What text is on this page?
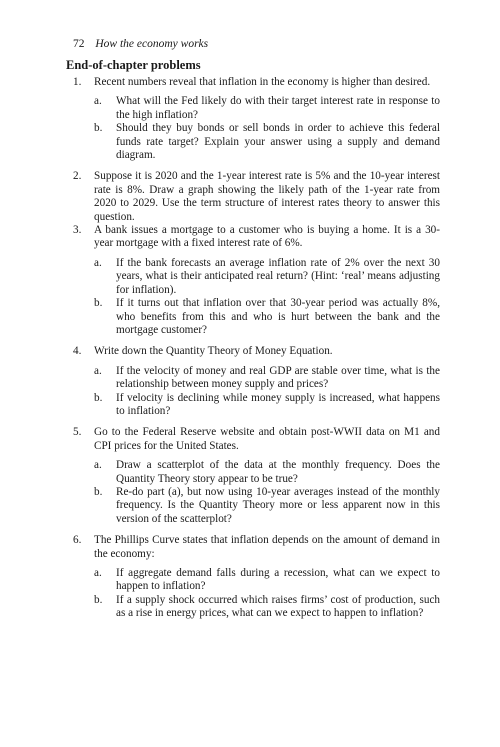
72 How the economy works
End-of-chapter problems
1.	Recent numbers reveal that inflation in the economy is higher than desired.
a.	What will the Fed likely do with their target interest rate in response to the high inflation?
b.	Should they buy bonds or sell bonds in order to achieve this federal funds rate target? Explain your answer using a supply and demand diagram.
2.	Suppose it is 2020 and the 1-year interest rate is 5% and the 10-year interest rate is 8%. Draw a graph showing the likely path of the 1-year rate from 2020 to 2029. Use the term structure of interest rates theory to answer this question.
3.	A bank issues a mortgage to a customer who is buying a home. It is a 30-year mortgage with a fixed interest rate of 6%.
a.	If the bank forecasts an average inflation rate of 2% over the next 30 years, what is their anticipated real return? (Hint: ‘real’ means adjusting for inflation).
b.	If it turns out that inflation over that 30-year period was actually 8%, who benefits from this and who is hurt between the bank and the mortgage customer?
4.	Write down the Quantity Theory of Money Equation.
a.	If the velocity of money and real GDP are stable over time, what is the relationship between money supply and prices?
b.	If velocity is declining while money supply is increased, what happens to inflation?
5.	Go to the Federal Reserve website and obtain post-WWII data on M1 and CPI prices for the United States.
a.	Draw a scatterplot of the data at the monthly frequency. Does the Quantity Theory story appear to be true?
b.	Re-do part (a), but now using 10-year averages instead of the monthly frequency. Is the Quantity Theory more or less apparent now in this version of the scatterplot?
6.	The Phillips Curve states that inflation depends on the amount of demand in the economy:
a.	If aggregate demand falls during a recession, what can we expect to happen to inflation?
b.	If a supply shock occurred which raises firms’ cost of production, such as a rise in energy prices, what can we expect to happen to inflation?
